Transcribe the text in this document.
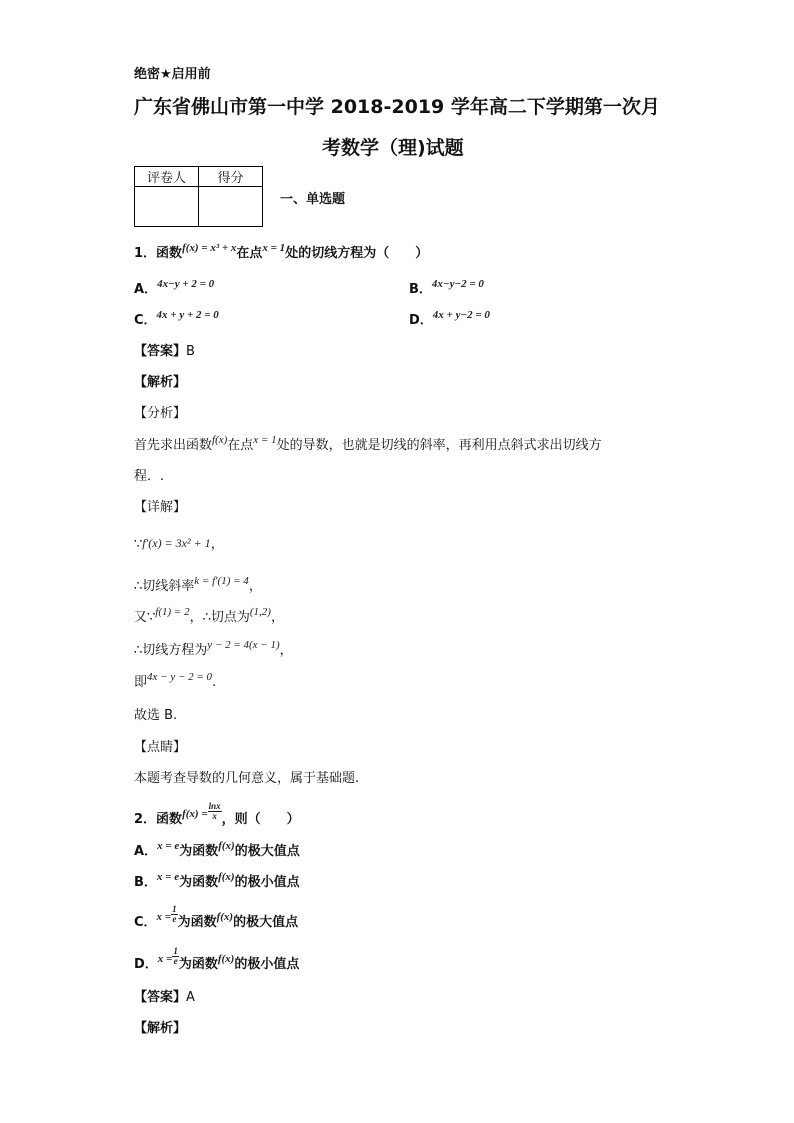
绝密★启用前
广东省佛山市第一中学 2018-2019 学年高二下学期第一次月
考数学（理)试题
评卷人	得分

一、单选题
1．函数$^{f(x) = x^3 + x}$在点$^{x = 1}$处的切线方程为（　　）
A．$^{4x-y + 2 = 0}$	B．$^{4x-y-2 = 0}$
C．$^{4x + y + 2 = 0}$	D．$^{4x + y-2 = 0}$
【答案】B
【解析】
【分析】
首先求出函数$^{f(x)}$在点$^{x = 1}$处的导数，也就是切线的斜率，再利用点斜式求出切线方
程．.
【详解】
∵f′(x) = 3x² + 1，
∴切线斜率$^{k = f'(1) = 4}$，
又∵$^{f(1) = 2}$，∴切点为$^{(1,2)}$，
∴切线方程为$^{y - 2 = 4(x - 1)}$，
即$^{4x - y - 2 = 0}$.
故选 B.
【点睛】
本题考查导数的几何意义，属于基础题.
2．函数$^{f(x) =} \frac{\ln x}{x}$ ，则（　　）
A．$^{x = e}$为函数$^{f(x)}$的极大值点
B．$^{x = e}$为函数$^{f(x)}$的极小值点
C．$^{x =} \frac{1}{e}$ 为函数$^{f(x)}$的极大值点
D．$^{x =} \frac{1}{e}$ 为函数$^{f(x)}$的极小值点
【答案】A
【解析】
